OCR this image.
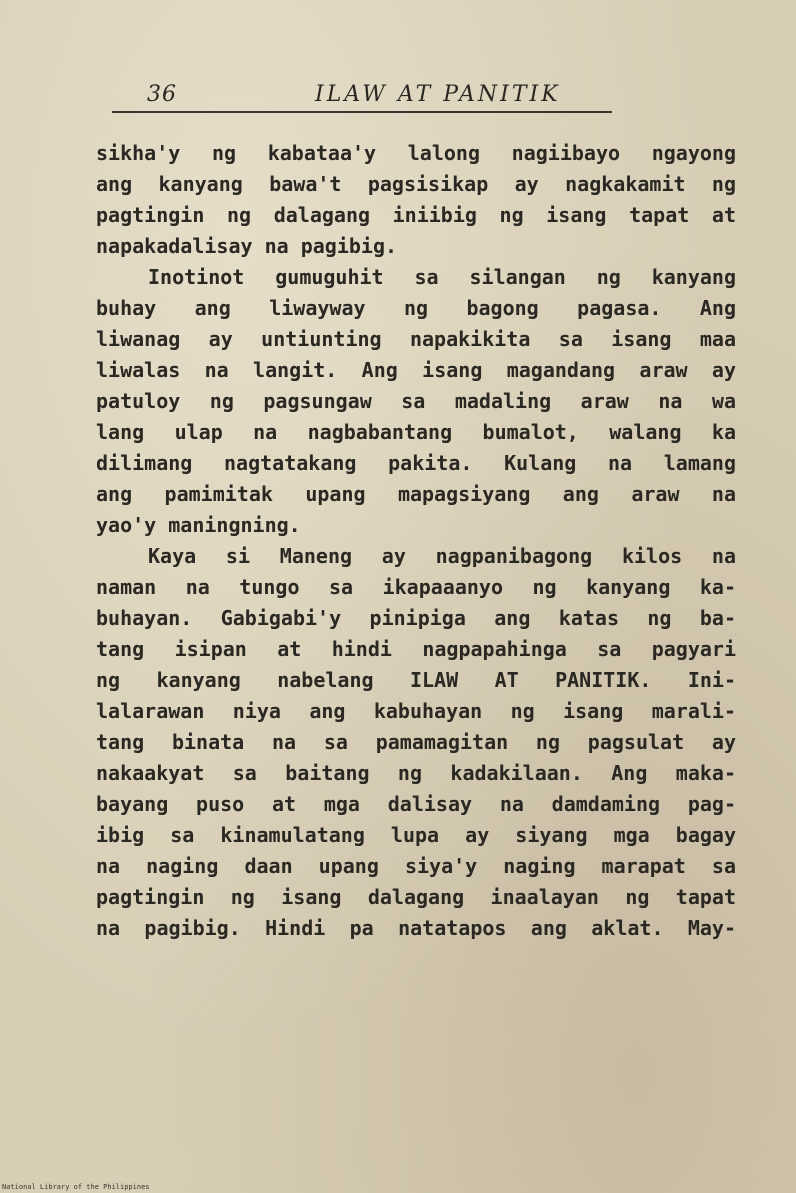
36	ILAW AT PANITIK
sikha'y ng kabataa'y lalong nagiibayo ngayong
ang kanyang bawa't pagsisikap ay nagkakamit ng
pagtingin ng dalagang iniibig ng isang tapat at
napakadalisay na pagibig.
Inotinot gumuguhit sa silangan ng kanyang
buhay ang liwayway ng bagong pagasa. Ang
liwanag ay untiunting napakikita sa isang maa
liwalas na langit. Ang isang magandang araw ay
patuloy ng pagsungaw sa madaling araw na wa
lang ulap na nagbabantang bumalot, walang ka
dilimang nagtatakang pakita. Kulang na lamang
ang pamimitak upang mapagsiyang ang araw na
yao'y maningning.
Kaya si Maneng ay nagpanibagong kilos na
naman na tungo sa ikapaaanyo ng kanyang ka-
buhayan. Gabigabi'y pinipiga ang katas ng ba-
tang isipan at hindi nagpapahinga sa pagyari
ng kanyang nabelang ILAW AT PANITIK. Ini-
lalarawan niya ang kabuhayan ng isang marali-
tang binata na sa pamamagitan ng pagsulat ay
nakaakyat sa baitang ng kadakilaan. Ang maka-
bayang puso at mga dalisay na damdaming pag-
ibig sa kinamulatang lupa ay siyang mga bagay
na naging daan upang siya'y naging marapat sa
pagtingin ng isang dalagang inaalayan ng tapat
na pagibig. Hindi pa natatapos ang aklat. May-
National Library of the Philippines
